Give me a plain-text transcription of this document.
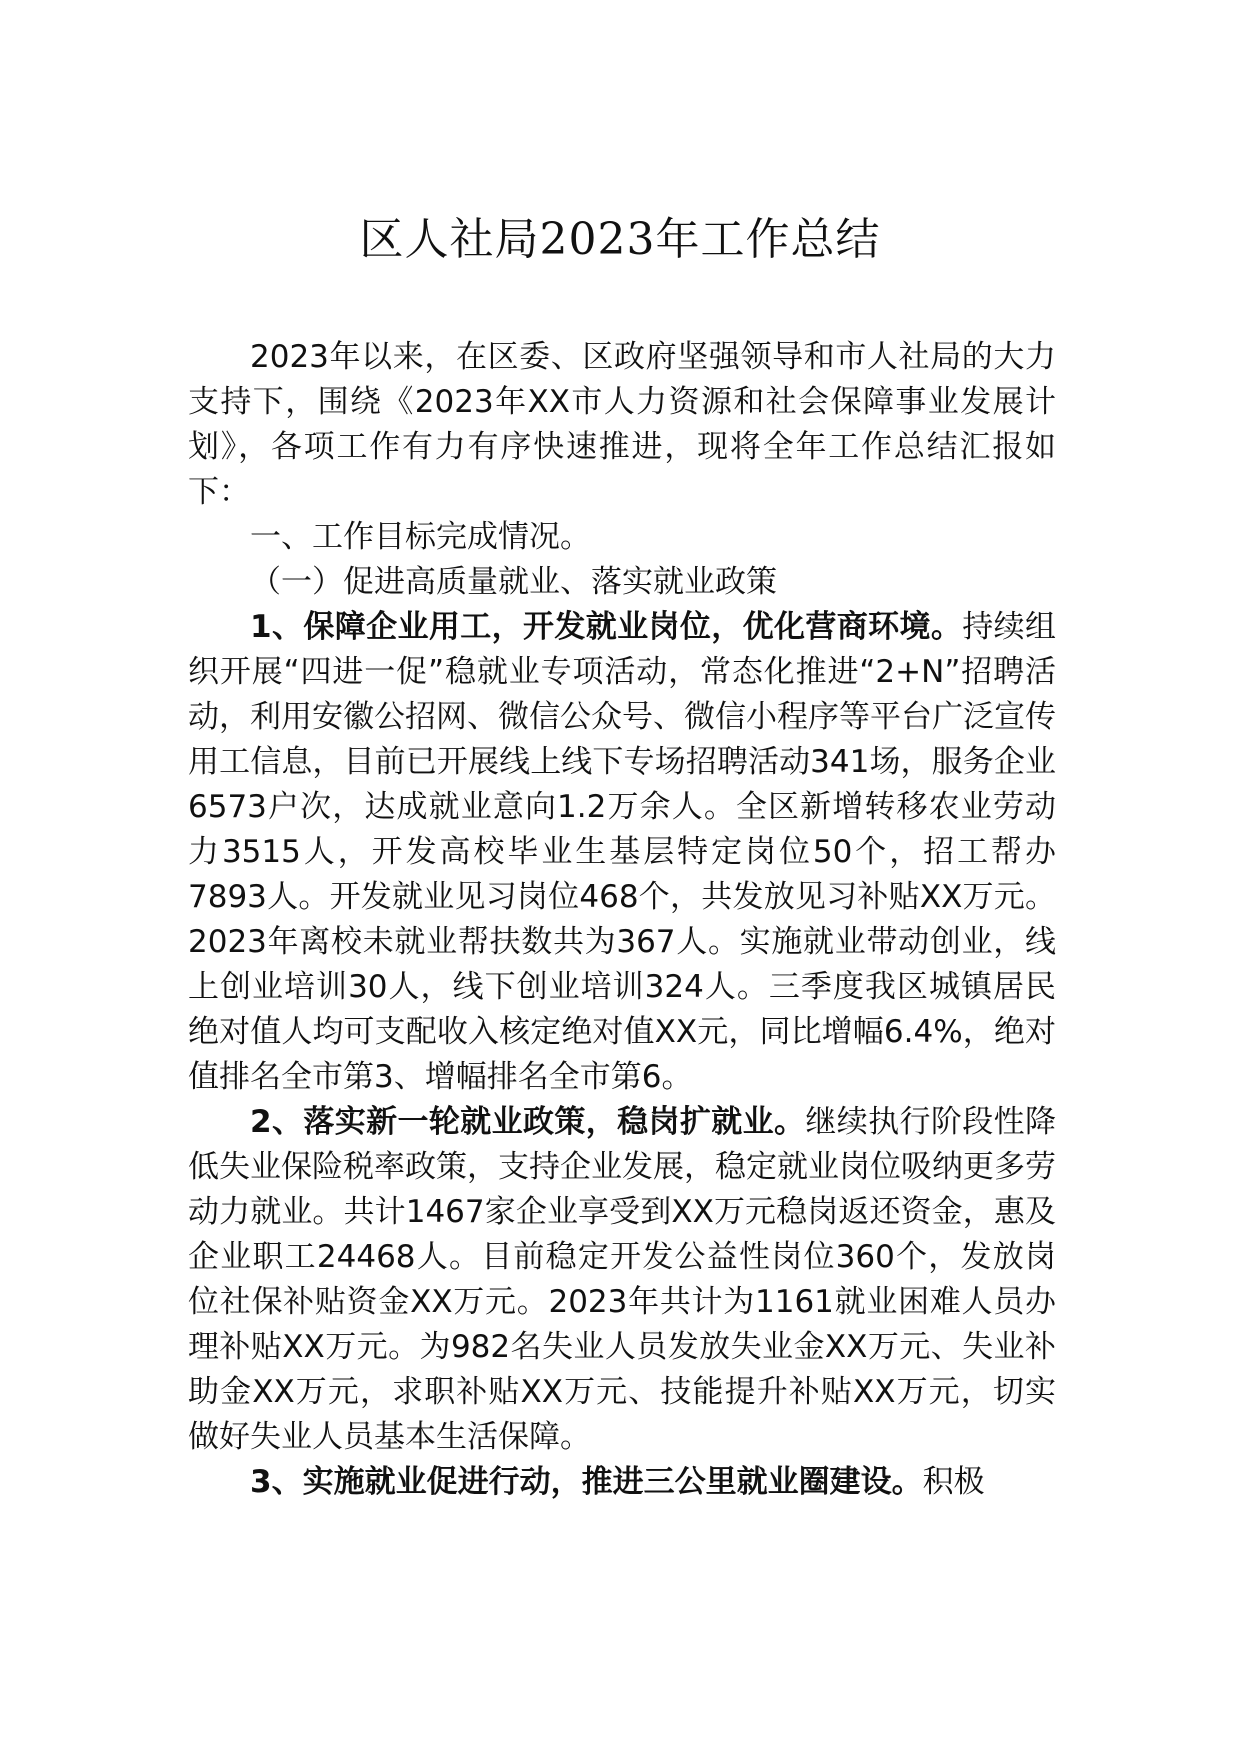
区人社局2023年工作总结

2023年以来，在区委、区政府坚强领导和市人社局的大力支持下，围绕《2023年XX市人力资源和社会保障事业发展计划》，各项工作有力有序快速推进，现将全年工作总结汇报如下：

一、工作目标完成情况。

（一）促进高质量就业、落实就业政策

1、保障企业用工，开发就业岗位，优化营商环境。持续组织开展“四进一促”稳就业专项活动，常态化推进“2+N”招聘活动，利用安徽公招网、微信公众号、微信小程序等平台广泛宣传用工信息，目前已开展线上线下专场招聘活动341场，服务企业6573户次，达成就业意向1.2万余人。全区新增转移农业劳动力3515人，开发高校毕业生基层特定岗位50个，招工帮办7893人。开发就业见习岗位468个，共发放见习补贴XX万元。2023年离校未就业帮扶数共为367人。实施就业带动创业，线上创业培训30人，线下创业培训324人。三季度我区城镇居民绝对值人均可支配收入核定绝对值XX元，同比增幅6.4%，绝对值排名全市第3、增幅排名全市第6。

2、落实新一轮就业政策，稳岗扩就业。继续执行阶段性降低失业保险税率政策，支持企业发展，稳定就业岗位吸纳更多劳动力就业。共计1467家企业享受到XX万元稳岗返还资金，惠及企业职工24468人。目前稳定开发公益性岗位360个，发放岗位社保补贴资金XX万元。2023年共计为1161就业困难人员办理补贴XX万元。为982名失业人员发放失业金XX万元、失业补助金XX万元，求职补贴XX万元、技能提升补贴XX万元，切实做好失业人员基本生活保障。

3、实施就业促进行动，推进三公里就业圈建设。积极
